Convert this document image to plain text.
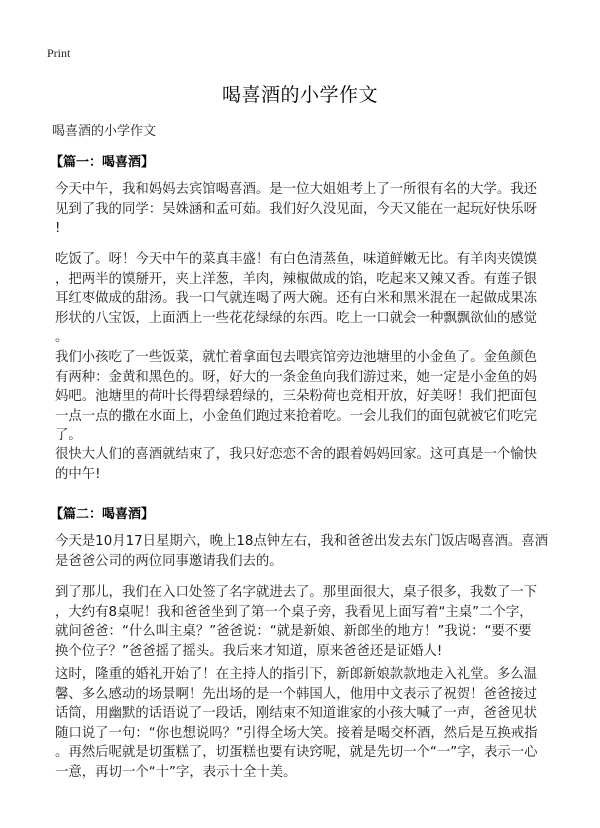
Print
喝喜酒的小学作文
喝喜酒的小学作文
【篇一：喝喜酒】

今天中午，我和妈妈去宾馆喝喜酒。是一位大姐姐考上了一所很有名的大学。我还
见到了我的同学：吴姝涵和孟可茹。我们好久没见面，今天又能在一起玩好快乐呀
!

吃饭了。呀！今天中午的菜真丰盛！有白色清蒸鱼，味道鲜嫩无比。有羊肉夹馍馍
，把两半的馍掰开，夹上洋葱，羊肉，辣椒做成的馅，吃起来又辣又香。有莲子银
耳红枣做成的甜汤。我一口气就连喝了两大碗。还有白米和黑米混在一起做成果冻
形状的八宝饭，上面洒上一些花花绿绿的东西。吃上一口就会一种飘飘欲仙的感觉
。

我们小孩吃了一些饭菜，就忙着拿面包去喂宾馆旁边池塘里的小金鱼了。金鱼颜色
有两种：金黄和黑色的。呀，好大的一条金鱼向我们游过来，她一定是小金鱼的妈
妈吧。池塘里的荷叶长得碧绿碧绿的，三朵粉荷也竞相开放，好美呀！我们把面包
一点一点的撒在水面上，小金鱼们跑过来抢着吃。一会儿我们的面包就被它们吃完
了。

很快大人们的喜酒就结束了，我只好恋恋不舍的跟着妈妈回家。这可真是一个愉快
的中午!

【篇二：喝喜酒】

今天是10月17日星期六，晚上18点钟左右，我和爸爸出发去东门饭店喝喜酒。喜酒
是爸爸公司的两位同事邀请我们去的。

到了那儿，我们在入口处签了名字就进去了。那里面很大，桌子很多，我数了一下
，大约有8桌呢！我和爸爸坐到了第一个桌子旁，我看见上面写着“主桌”二个字，
就问爸爸：“什么叫主桌？”爸爸说：“就是新娘、新郎坐的地方！”我说：“要不要
换个位子？”爸爸摇了摇头。我后来才知道，原来爸爸还是证婚人!

这时，隆重的婚礼开始了！在主持人的指引下，新郎新娘款款地走入礼堂。多么温
馨、多么感动的场景啊！先出场的是一个韩国人，他用中文表示了祝贺！爸爸接过
话筒，用幽默的话语说了一段话，刚结束不知道谁家的小孩大喊了一声，爸爸见状
随口说了一句：“你也想说吗？”引得全场大笑。接着是喝交杯酒，然后是互换戒指
。再然后呢就是切蛋糕了，切蛋糕也要有诀窍呢，就是先切一个“一”字，表示一心
一意，再切一个“十”字，表示十全十美。
